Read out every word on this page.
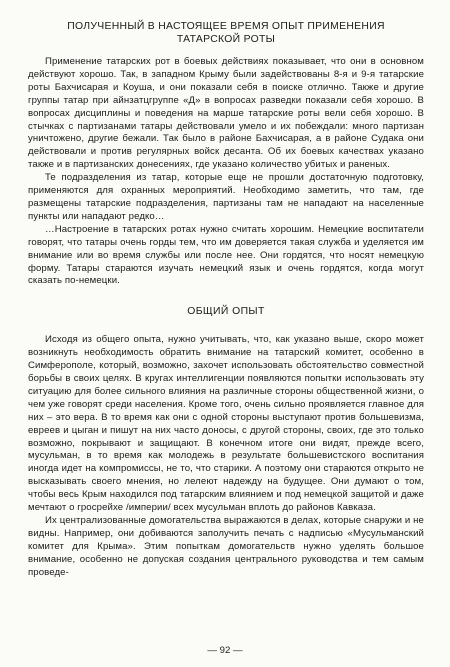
ПОЛУЧЕННЫЙ В НАСТОЯЩЕЕ ВРЕМЯ ОПЫТ ПРИМЕНЕНИЯ
ТАТАРСКОЙ РОТЫ

Применение татарских рот в боевых действиях показывает, что они в основном действуют хорошо. Так, в западном Крыму были задействованы 8-я и 9-я татарские роты Бахчисарая и Коуша, и они показали себя в поиске отлично. Также и другие группы татар при айнзатцгруппе «Д» в вопросах разведки показали себя хорошо. В вопросах дисциплины и поведения на марше татарские роты вели себя хорошо. В стычках с партизанами татары действовали умело и их побеждали: много партизан уничтожено, другие бежали. Так было в районе Бахчисарая, а в районе Судака они действовали и против регулярных войск десанта. Об их боевых качествах указано также и в партизанских донесениях, где указано количество убитых и раненых.

Те подразделения из татар, которые еще не прошли достаточную подготовку, применяются для охранных мероприятий. Необходимо заметить, что там, где размещены татарские подразделения, партизаны там не нападают на населенные пункты или нападают редко…

…Настроение в татарских ротах нужно считать хорошим. Немецкие воспитатели говорят, что татары очень горды тем, что им доверяется такая служба и уделяется им внимание или во время службы или после нее. Они гордятся, что носят немецкую форму. Татары стараются изучать немецкий язык и очень гордятся, когда могут сказать по-немецки.

ОБЩИЙ ОПЫТ

Исходя из общего опыта, нужно учитывать, что, как указано выше, скоро может возникнуть необходимость обратить внимание на татарский комитет, особенно в Симферополе, который, возможно, захочет использовать обстоятельство совместной борьбы в своих целях. В кругах интеллигенции появляются попытки использовать эту ситуацию для более сильного влияния на различные стороны общественной жизни, о чем уже говорят среди населения. Кроме того, очень сильно проявляется главное для них – это вера. В то время как они с одной стороны выступают против большевизма, евреев и цыган и пишут на них часто доносы, с другой стороны, своих, где это только возможно, покрывают и защищают. В конечном итоге они видят, прежде всего, мусульман, в то время как молодежь в результате большевистского воспитания иногда идет на компромиссы, не то, что старики. А поэтому они стараются открыто не высказывать своего мнения, но лелеют надежду на будущее. Они думают о том, чтобы весь Крым находился под татарским влиянием и под немецкой защитой и даже мечтают о гросрейхе /империи/ всех мусульман вплоть до районов Кавказа.

Их централизованные домогательства выражаются в делах, которые снаружи и не видны. Например, они добиваются заполучить печать с надписью «Мусульманский комитет для Крыма». Этим попыткам домогательств нужно уделять большое внимание, особенно не допуская создания центрального руководства и тем самым проведе-

— 92 —
